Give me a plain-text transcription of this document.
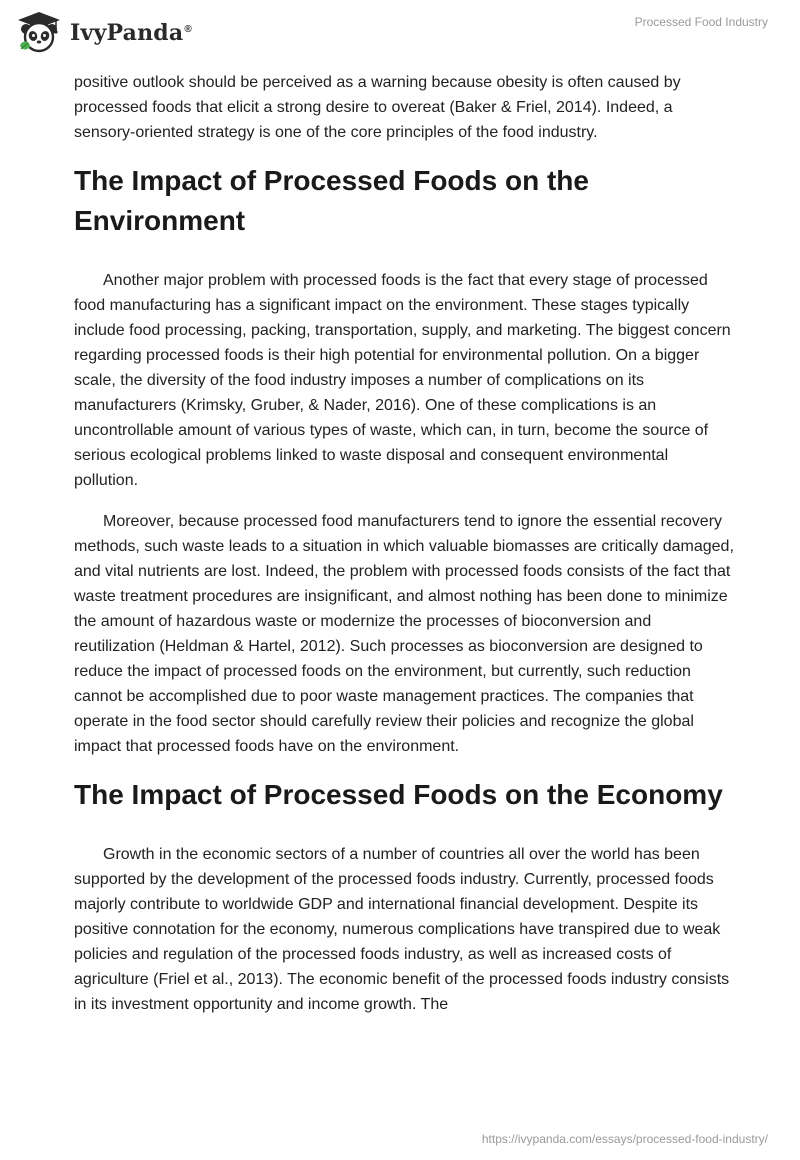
IvyPanda®
Processed Food Industry

positive outlook should be perceived as a warning because obesity is often caused by processed foods that elicit a strong desire to overeat (Baker & Friel, 2014). Indeed, a sensory-oriented strategy is one of the core principles of the food industry.

The Impact of Processed Foods on the Environment

Another major problem with processed foods is the fact that every stage of processed food manufacturing has a significant impact on the environment. These stages typically include food processing, packing, transportation, supply, and marketing. The biggest concern regarding processed foods is their high potential for environmental pollution. On a bigger scale, the diversity of the food industry imposes a number of complications on its manufacturers (Krimsky, Gruber, & Nader, 2016). One of these complications is an uncontrollable amount of various types of waste, which can, in turn, become the source of serious ecological problems linked to waste disposal and consequent environmental pollution.

Moreover, because processed food manufacturers tend to ignore the essential recovery methods, such waste leads to a situation in which valuable biomasses are critically damaged, and vital nutrients are lost. Indeed, the problem with processed foods consists of the fact that waste treatment procedures are insignificant, and almost nothing has been done to minimize the amount of hazardous waste or modernize the processes of bioconversion and reutilization (Heldman & Hartel, 2012). Such processes as bioconversion are designed to reduce the impact of processed foods on the environment, but currently, such reduction cannot be accomplished due to poor waste management practices. The companies that operate in the food sector should carefully review their policies and recognize the global impact that processed foods have on the environment.

The Impact of Processed Foods on the Economy

Growth in the economic sectors of a number of countries all over the world has been supported by the development of the processed foods industry. Currently, processed foods majorly contribute to worldwide GDP and international financial development. Despite its positive connotation for the economy, numerous complications have transpired due to weak policies and regulation of the processed foods industry, as well as increased costs of agriculture (Friel et al., 2013). The economic benefit of the processed foods industry consists in its investment opportunity and income growth. The

https://ivypanda.com/essays/processed-food-industry/
